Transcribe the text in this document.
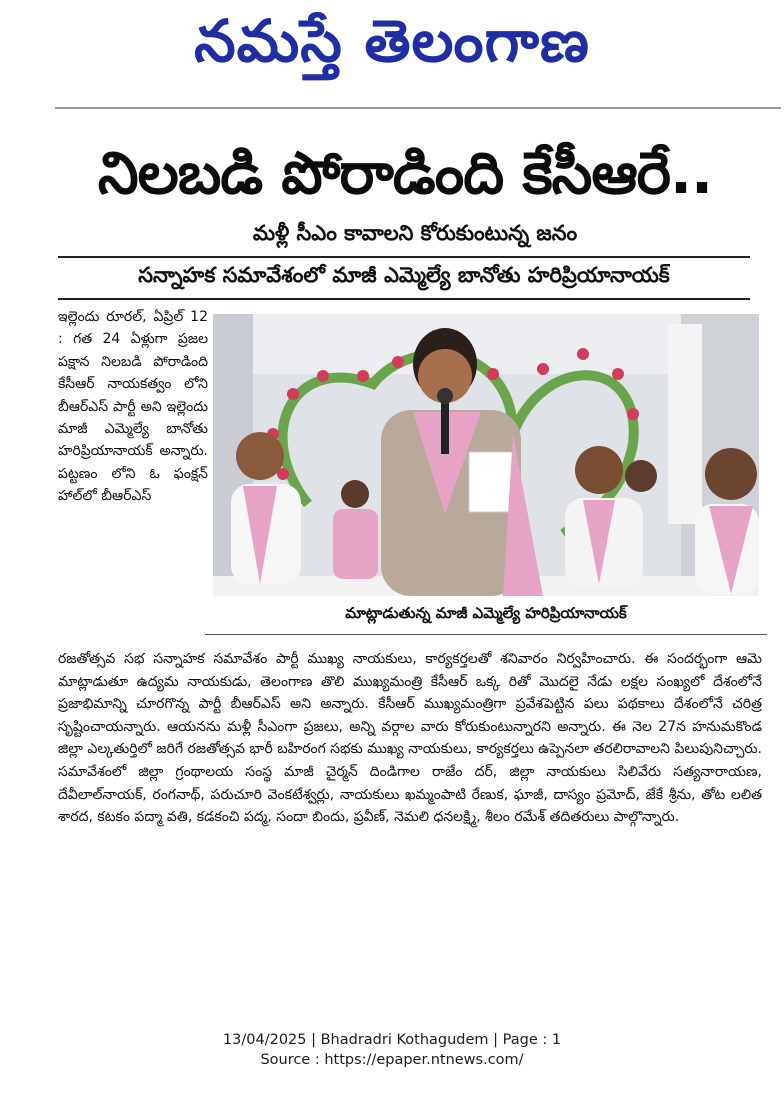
నమస్తే తెలంగాణ
నిలబడి పోరాడింది కేసీఆరే..
మళ్లీ సీఎం కావాలని కోరుకుంటున్న జనం
సన్నాహక సమావేశంలో మాజీ ఎమ్మెల్యే బానోతు హరిప్రియానాయక్

ఇల్లెందు రూరల్, ఏప్రిల్ 12 : గత 24 ఏళ్లుగా ప్రజల పక్షాన నిలబడి పోరాడింది కేసీఆర్ నాయకత్వం లోని బీఆర్ఎస్ పార్టీ అని ఇల్లెందు మాజీ ఎమ్మెల్యే బానోతు హరిప్రియానాయక్ అన్నారు. పట్టణం లోని ఓ ఫంక్షన్ హాల్‌లో బీఆర్ఎస్

మాట్లాడుతున్న మాజీ ఎమ్మెల్యే హరిప్రియానాయక్

రజతోత్సవ సభ సన్నాహక సమావేశం పార్టీ ముఖ్య నాయకులు, కార్యకర్తలతో శనివారం నిర్వహించారు. ఈ సందర్భంగా ఆమె మాట్లాడుతూ ఉద్యమ నాయకుడు, తెలంగాణ తొలి ముఖ్యమంత్రి కేసీఆర్ ఒక్క రితో మొదలై నేడు లక్షల సంఖ్యలో దేశంలోనే ప్రజాభిమాన్ని చూరగొన్న పార్టీ బీఆర్ఎస్ అని అన్నారు. కేసీఆర్ ముఖ్యమంత్రిగా ప్రవేశపెట్టిన పలు పథకాలు దేశంలోనే చరిత్ర సృష్టించాయన్నారు. ఆయనను మళ్లీ సీఎంగా ప్రజలు, అన్ని వర్గాల వారు కోరుకుంటున్నారని అన్నారు. ఈ నెల 27న హనుమకొండ జిల్లా ఎల్కతుర్తిలో జరిగే రజతోత్సవ భారీ బహిరంగ సభకు ముఖ్య నాయకులు, కార్యకర్తలు ఉప్పెనలా తరలిరావాలని పిలుపునిచ్చారు. సమావేశంలో జిల్లా గ్రంథాలయ సంస్థ మాజీ చైర్మన్ దిండిగాల రాజేం దర్, జిల్లా నాయకులు సిలివేరు సత్యనారాయణ, దేవీలాల్‌నాయక్, రంగనాథ్, పరుచూరి వెంకటేశ్వర్లు, నాయకులు ఖమ్మంపాటి రేణుక, ఘాజీ, దాస్యం ప్రమోద్, జేకే శ్రీను, తోట లలిత శారద, కటకం పద్మా వతి, కడకంచి పద్మ, సందా బిందు, ప్రవీణ్, నెమలి ధనలక్ష్మి, శీలం రమేశ్ తదితరులు పాల్గొన్నారు.

13/04/2025 | Bhadradri Kothagudem | Page : 1
Source : https://epaper.ntnews.com/
